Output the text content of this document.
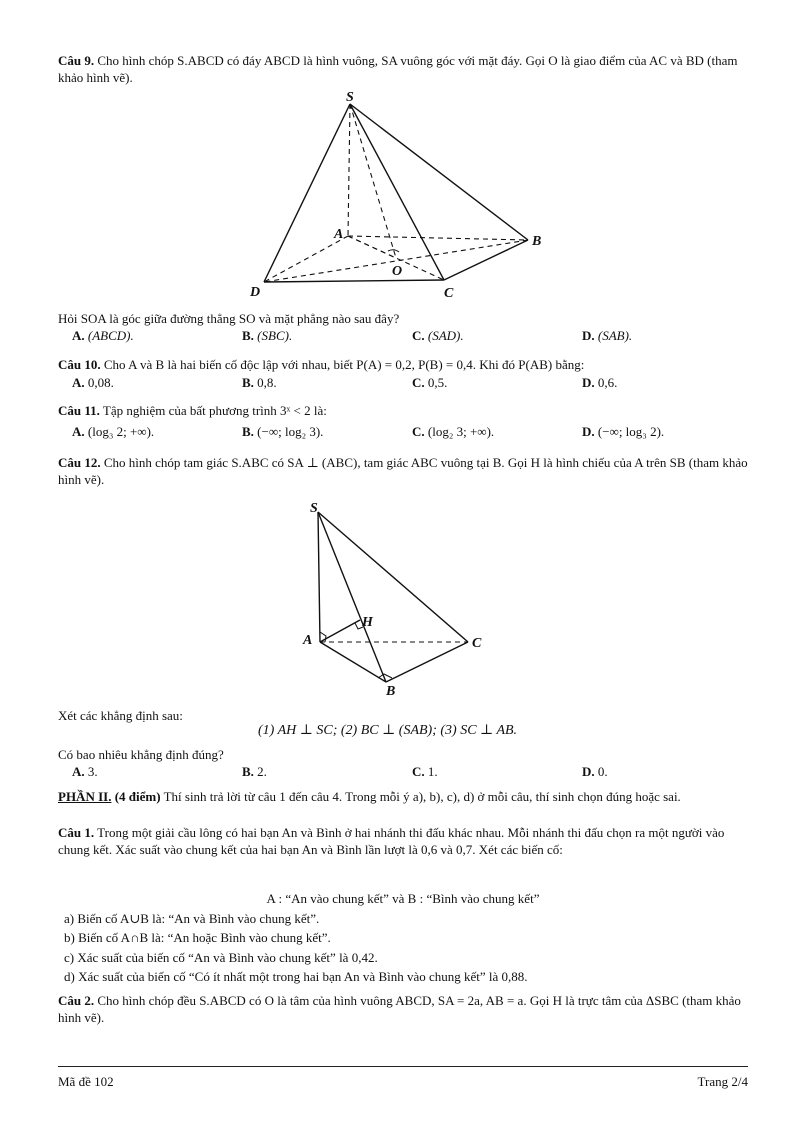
Câu 9. Cho hình chóp S.ABCD có đáy ABCD là hình vuông, SA vuông góc với mặt đáy. Gọi O là giao điểm của AC và BD (tham khảo hình vẽ).

S
A	B
O
D	C

Hỏi SOA là góc giữa đường thẳng SO và mặt phẳng nào sau đây?

A. (ABCD).	B. (SBC).	C. (SAD).	D. (SAB).

Câu 10. Cho A và B là hai biến cố độc lập với nhau, biết P(A) = 0,2, P(B) = 0,4. Khi đó P(AB) bằng:

A. 0,08.	B. 0,8.	C. 0,5.	D. 0,6.

Câu 11. Tập nghiệm của bất phương trình 3ˣ < 2 là:

A. (log₃ 2; +∞).	B. (−∞; log₂ 3).	C. (log₂ 3; +∞).	D. (−∞; log₃ 2).

Câu 12. Cho hình chóp tam giác S.ABC có SA ⊥ (ABC), tam giác ABC vuông tại B. Gọi H là hình chiếu của A trên SB (tham khảo hình vẽ).

S
H
A	C
B

Xét các khẳng định sau:

(1) AH ⊥ SC; (2) BC ⊥ (SAB); (3) SC ⊥ AB.

Có bao nhiêu khẳng định đúng?

A. 3.	B. 2.	C. 1.	D. 0.

PHẦN II. (4 điểm) Thí sinh trả lời từ câu 1 đến câu 4. Trong mỗi ý a), b), c), d) ở mỗi câu, thí sinh chọn đúng hoặc sai.

Câu 1. Trong một giải cầu lông có hai bạn An và Bình ở hai nhánh thi đấu khác nhau. Mỗi nhánh thi đấu chọn ra một người vào chung kết. Xác suất vào chung kết của hai bạn An và Bình lần lượt là 0,6 và 0,7. Xét các biến cố:

A : “An vào chung kết” và B : “Bình vào chung kết”

a) Biến cố A∪B là: “An và Bình vào chung kết”.

b) Biến cố A∩B là: “An hoặc Bình vào chung kết”.

c) Xác suất của biến cố “An và Bình vào chung kết” là 0,42.

d) Xác suất của biến cố “Có ít nhất một trong hai bạn An và Bình vào chung kết” là 0,88.

Câu 2. Cho hình chóp đều S.ABCD có O là tâm của hình vuông ABCD, SA = 2a, AB = a. Gọi H là trực tâm của ΔSBC (tham khảo hình vẽ).

Mã đề 102	Trang 2/4
